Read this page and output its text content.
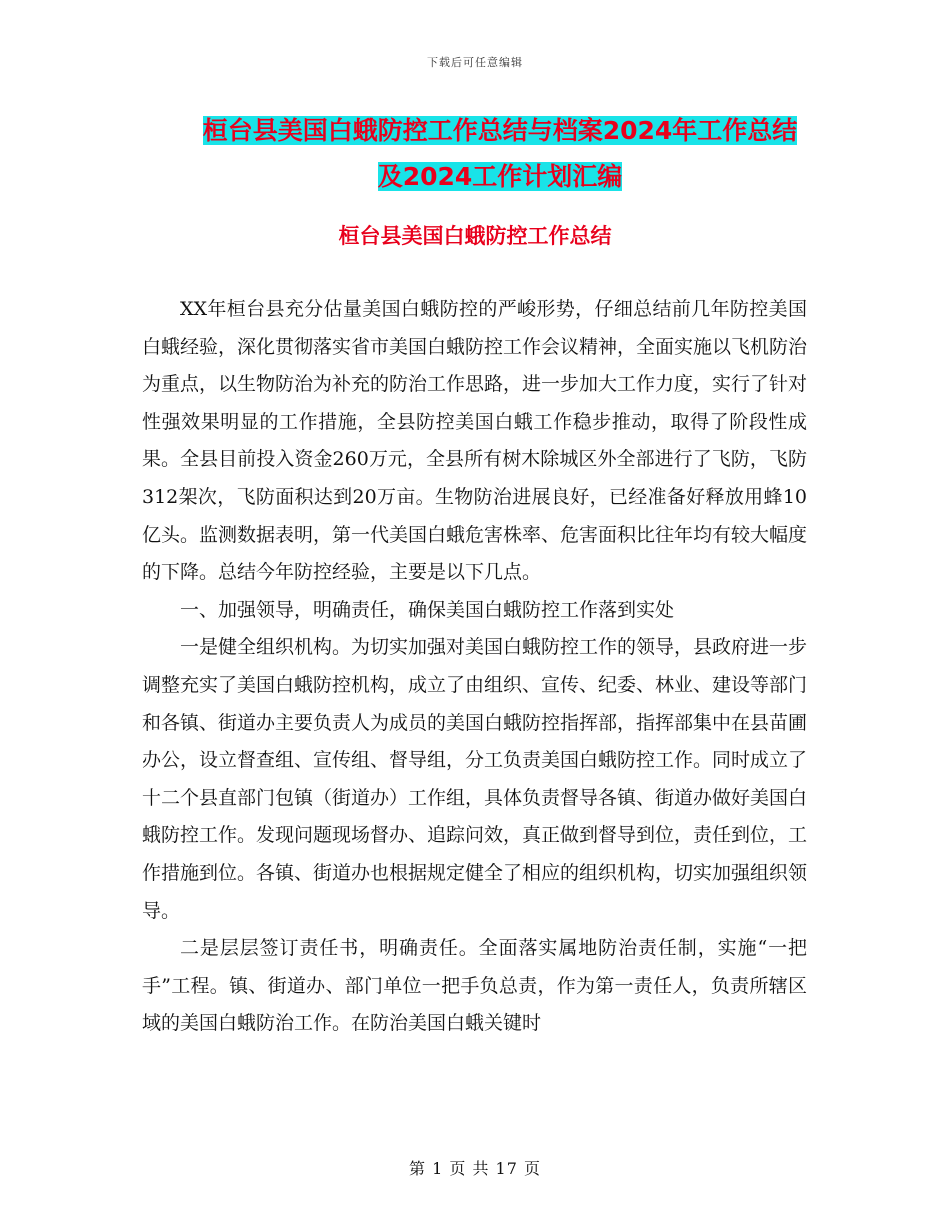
下载后可任意编辑
桓台县美国白蛾防控工作总结与档案2024年工作总结
及2024工作计划汇编
桓台县美国白蛾防控工作总结

XX年桓台县充分估量美国白蛾防控的严峻形势，仔细总结前几年防控美国白蛾经验，深化贯彻落实省市美国白蛾防控工作会议精神，全面实施以飞机防治为重点，以生物防治为补充的防治工作思路，进一步加大工作力度，实行了针对性强效果明显的工作措施，全县防控美国白蛾工作稳步推动，取得了阶段性成果。全县目前投入资金260万元，全县所有树木除城区外全部进行了飞防，飞防312架次，飞防面积达到20万亩。生物防治进展良好，已经准备好释放用蜂10亿头。监测数据表明，第一代美国白蛾危害株率、危害面积比往年均有较大幅度的下降。总结今年防控经验，主要是以下几点。

一、加强领导，明确责任，确保美国白蛾防控工作落到实处

一是健全组织机构。为切实加强对美国白蛾防控工作的领导，县政府进一步调整充实了美国白蛾防控机构，成立了由组织、宣传、纪委、林业、建设等部门和各镇、街道办主要负责人为成员的美国白蛾防控指挥部，指挥部集中在县苗圃办公，设立督查组、宣传组、督导组，分工负责美国白蛾防控工作。同时成立了十二个县直部门包镇（街道办）工作组，具体负责督导各镇、街道办做好美国白蛾防控工作。发现问题现场督办、追踪问效，真正做到督导到位，责任到位，工作措施到位。各镇、街道办也根据规定健全了相应的组织机构，切实加强组织领导。

二是层层签订责任书，明确责任。全面落实属地防治责任制，实施“一把手”工程。镇、街道办、部门单位一把手负总责，作为第一责任人，负责所辖区域的美国白蛾防治工作。在防治美国白蛾关键时

第 1 页 共 17 页
